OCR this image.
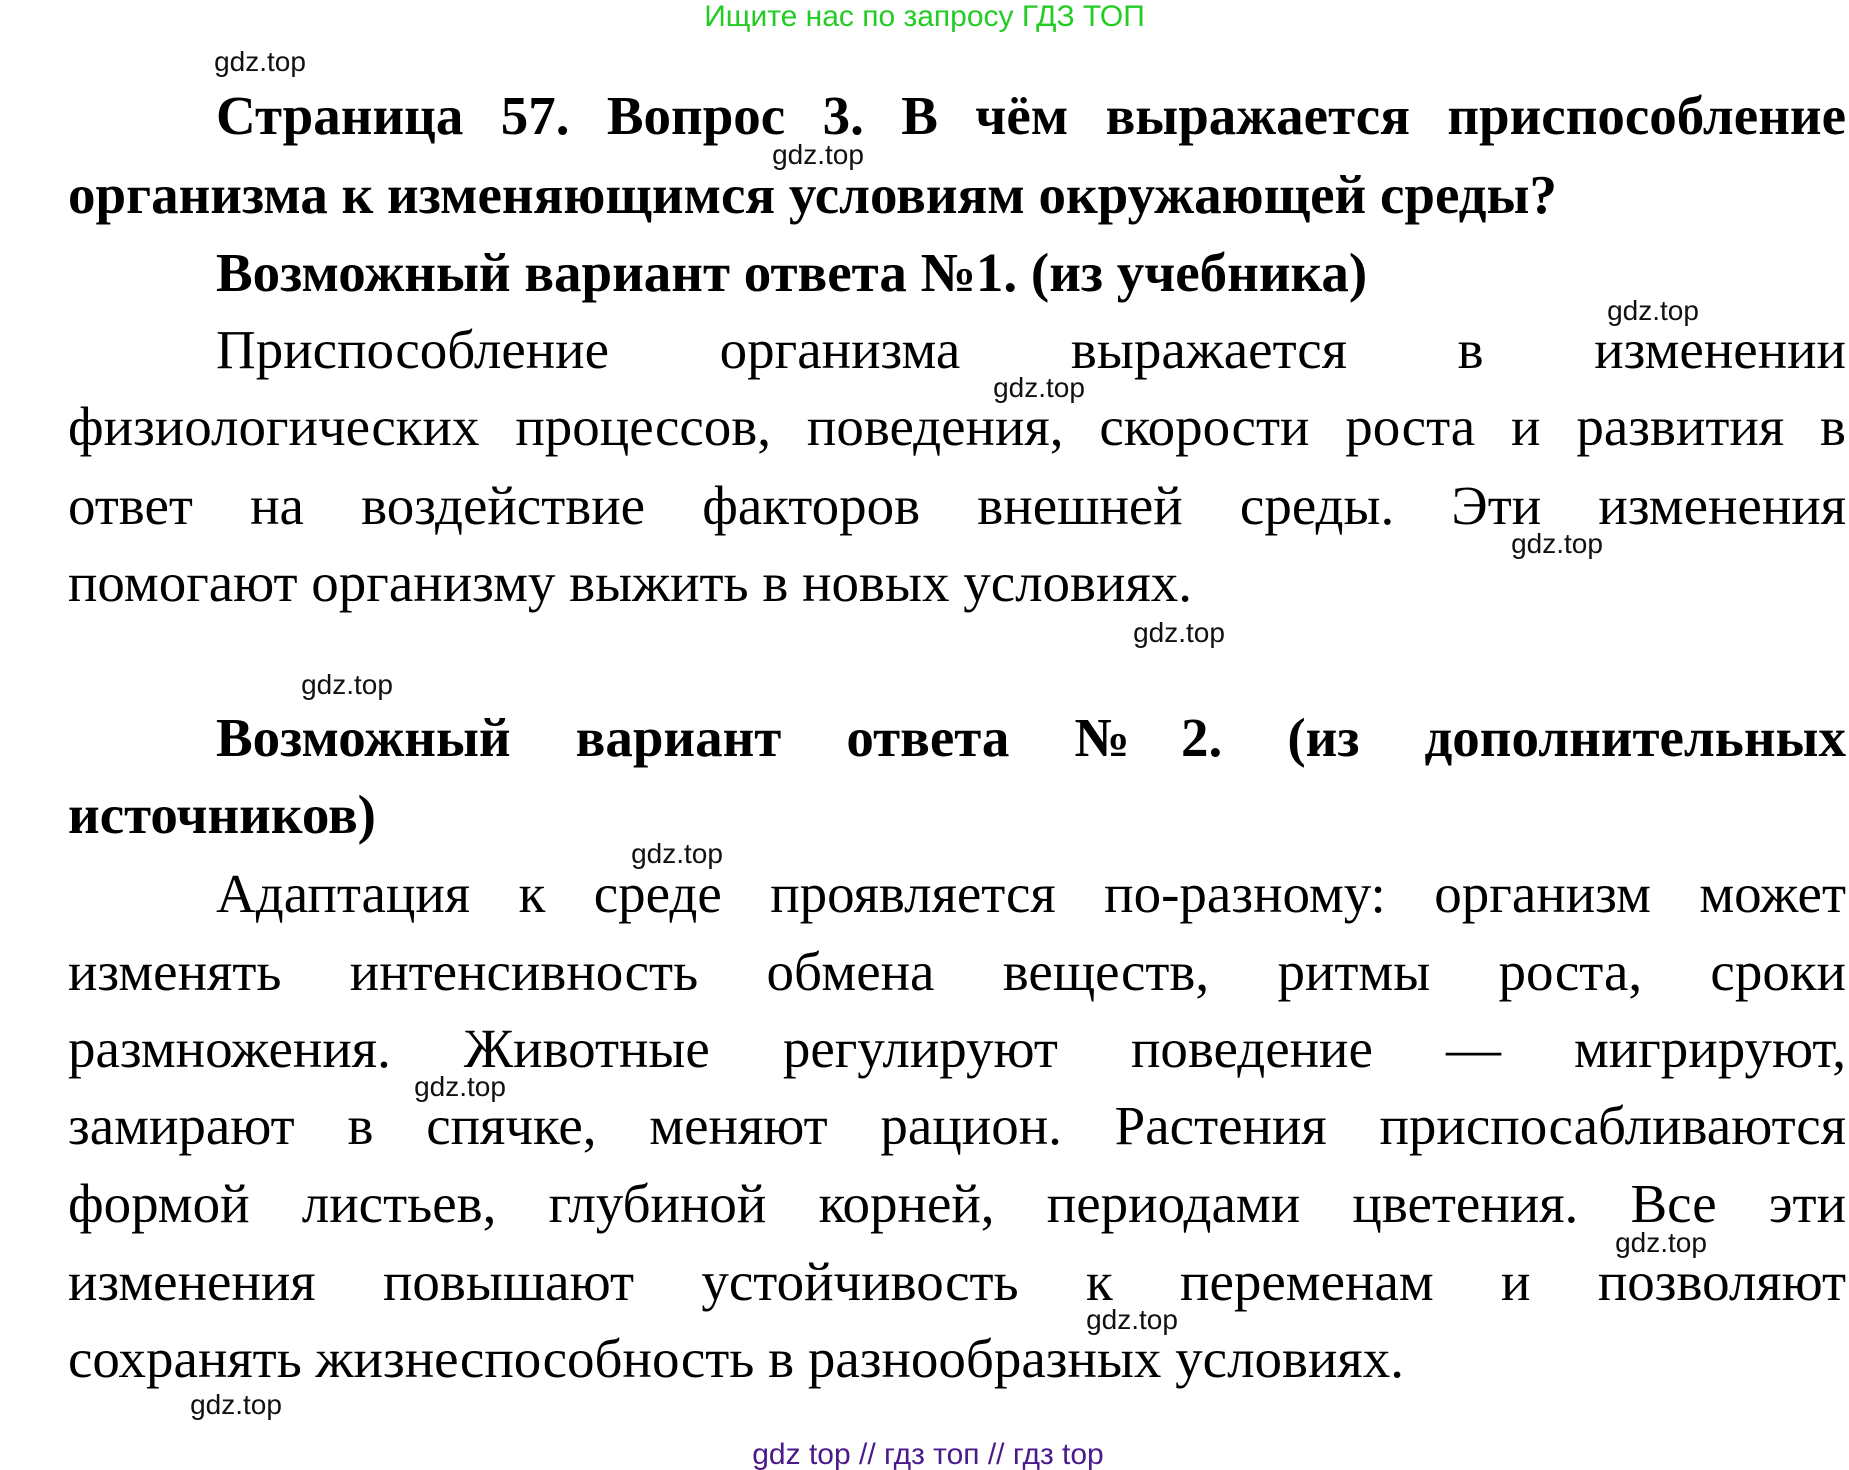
Ищите нас по запросу ГДЗ ТОП
Страница 57. Вопрос 3. В чём выражается приспособление
организма к изменяющимся условиям окружающей среды?
Возможный вариант ответа №1. (из учебника)
Приспособление организма выражается в изменении
физиологических процессов, поведения, скорости роста и развития в
ответ на воздействие факторов внешней среды. Эти изменения
помогают организму выжить в новых условиях.
Возможный вариант ответа №2. (из дополнительных
источников)
Адаптация к среде проявляется по-разному: организм может
изменять интенсивность обмена веществ, ритмы роста, сроки
размножения. Животные регулируют поведение — мигрируют,
замирают в спячке, меняют рацион. Растения приспосабливаются
формой листьев, глубиной корней, периодами цветения. Все эти
изменения повышают устойчивость к переменам и позволяют
сохранять жизнеспособность в разнообразных условиях.
gdz.top
gdz.top
gdz.top
gdz.top
gdz.top
gdz.top
gdz.top
gdz.top
gdz.top
gdz.top
gdz.top
gdz.top
gdz top // гдз топ // гдз top
